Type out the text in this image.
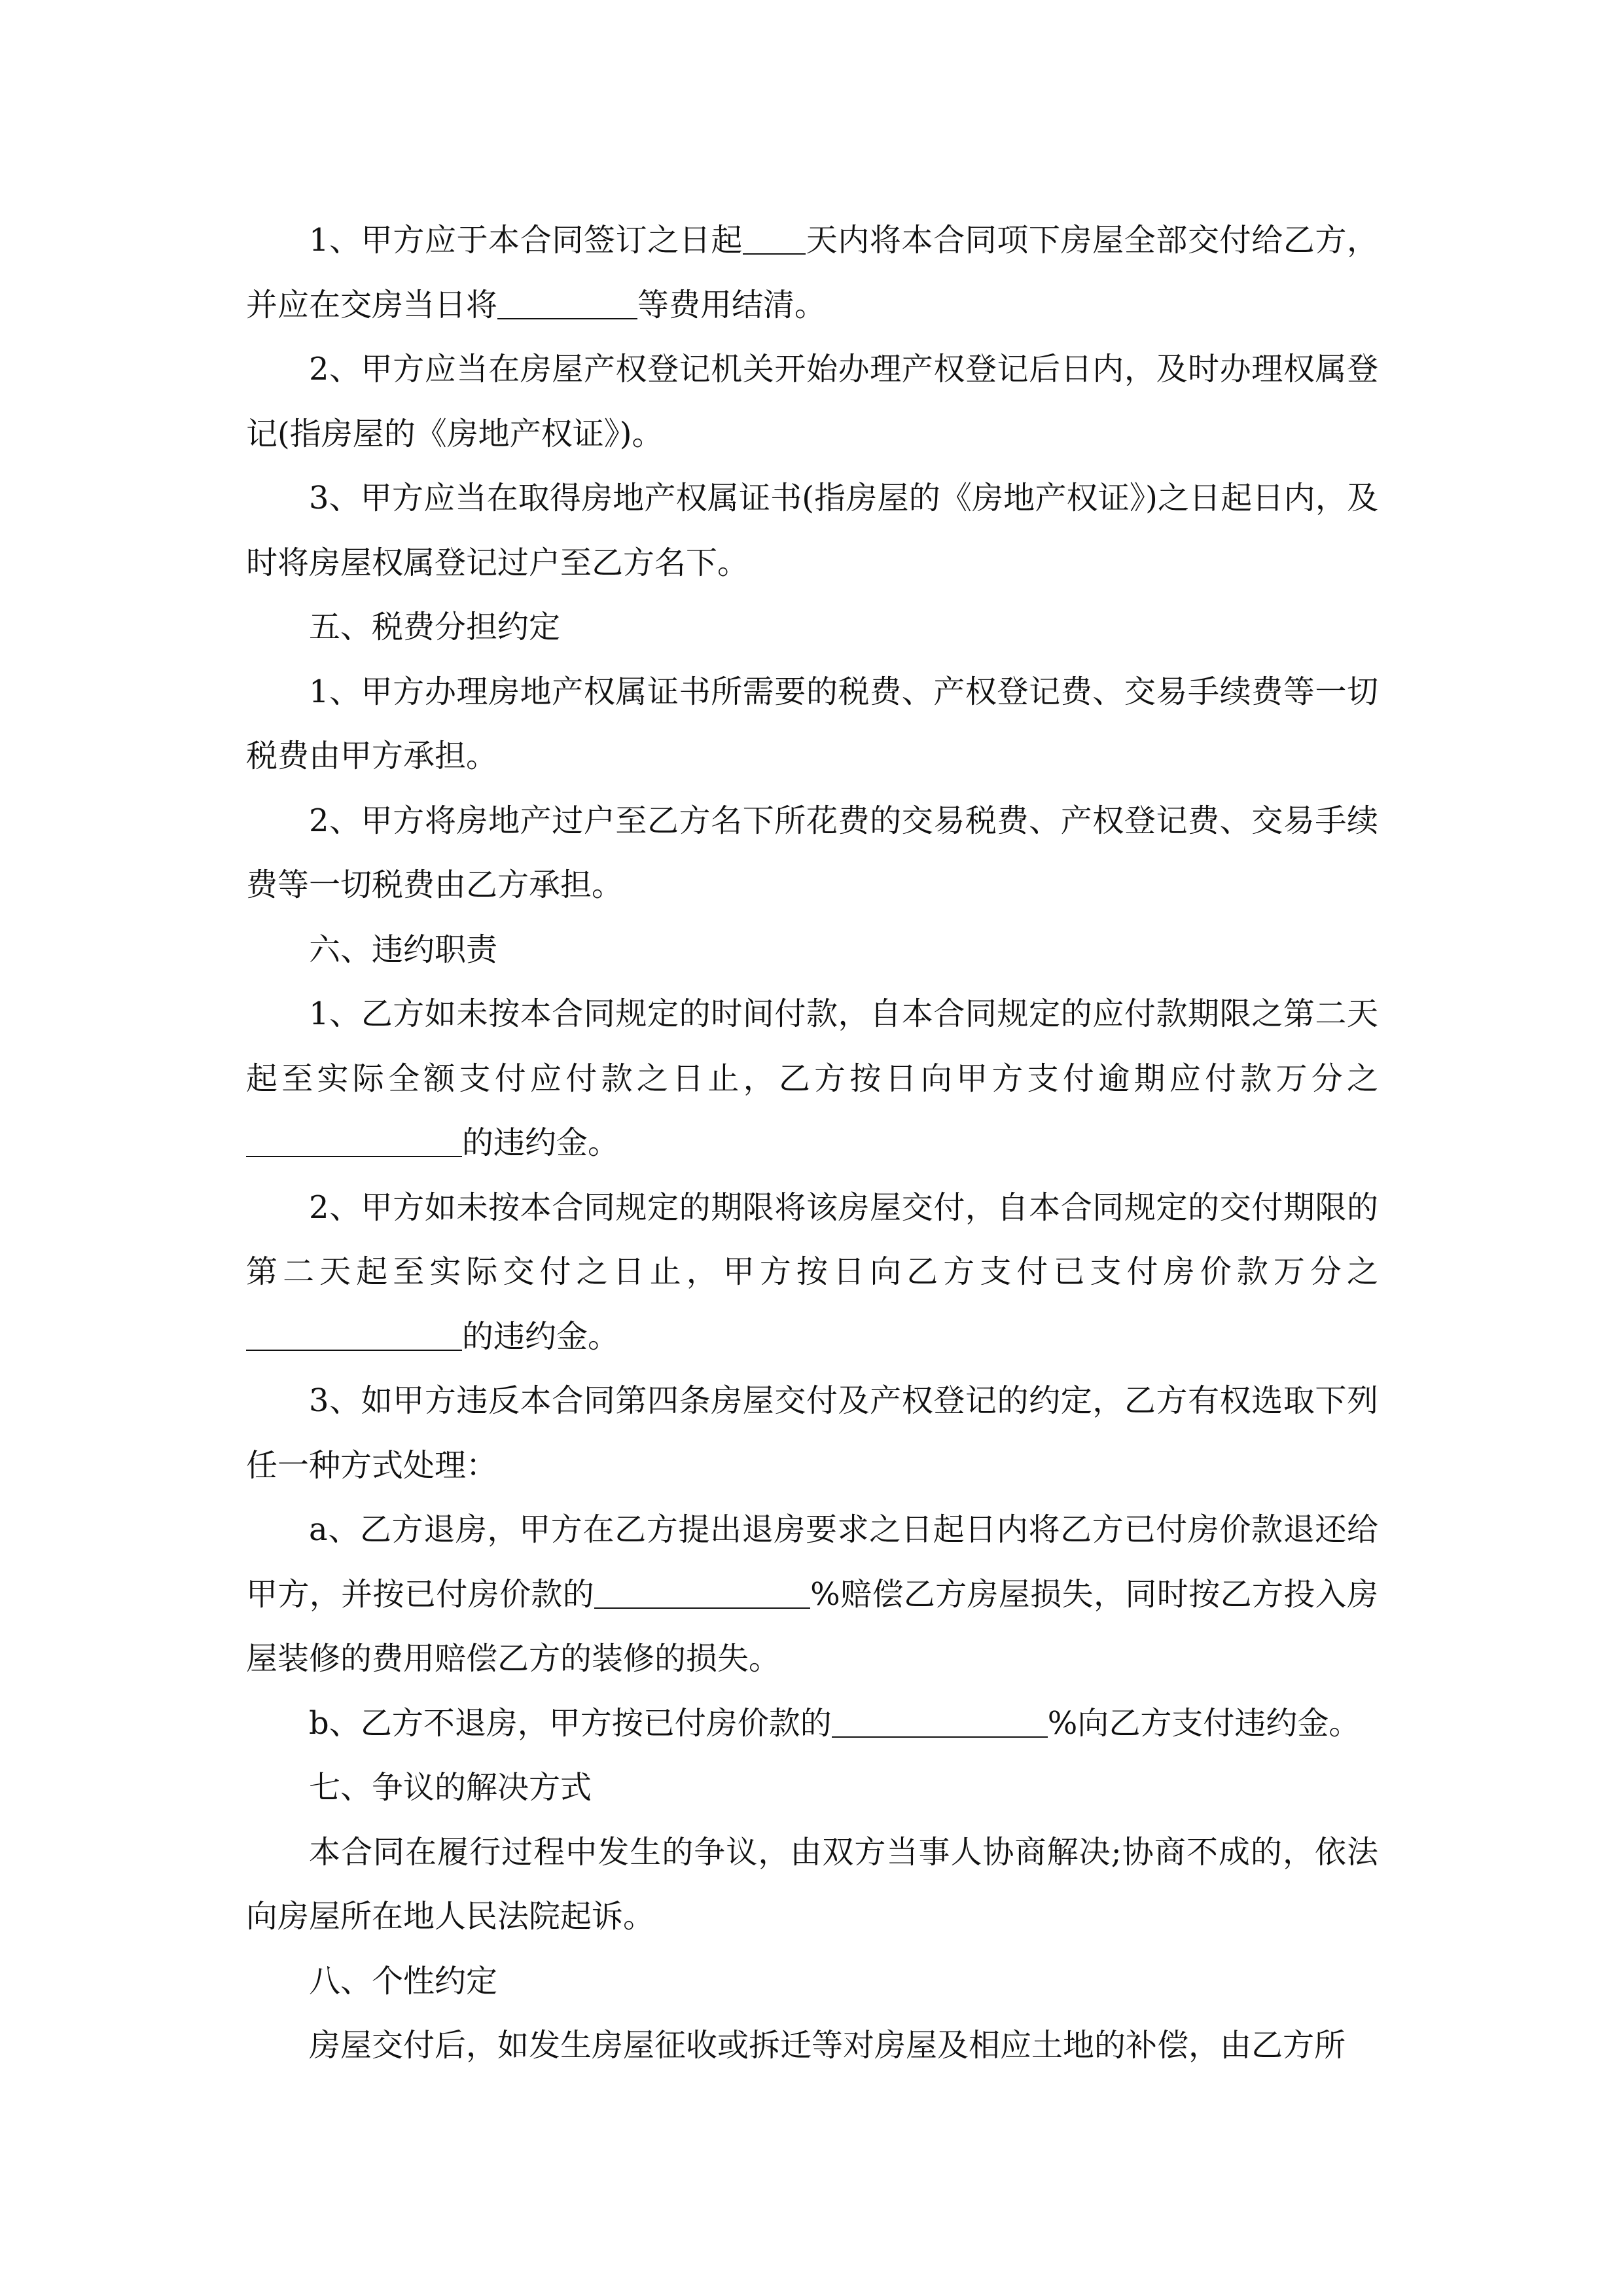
1、甲方应于本合同签订之日起 天内将本合同项下房屋全部交付给乙方，并应在交房当日将	等费用结清。

2、甲方应当在房屋产权登记机关开始办理产权登记后日内，及时办理权属登记(指房屋的《房地产权证》)。

3、甲方应当在取得房地产权属证书(指房屋的《房地产权证》)之日起日内，及时将房屋权属登记过户至乙方名下。

五、税费分担约定

1、甲方办理房地产权属证书所需要的税费、产权登记费、交易手续费等一切税费由甲方承担。

2、甲方将房地产过户至乙方名下所花费的交易税费、产权登记费、交易手续费等一切税费由乙方承担。

六、违约职责

1、乙方如未按本合同规定的时间付款，自本合同规定的应付款期限之第二天起至实际全额支付应付款之日止，乙方按日向甲方支付逾期应付款万分之的违约金。

2、甲方如未按本合同规定的期限将该房屋交付，自本合同规定的交付期限的第二天起至实际交付之日止，甲方按日向乙方支付已支付房价款万分之的违约金。

3、如甲方违反本合同第四条房屋交付及产权登记的约定，乙方有权选取下列任一种方式处理：

a、乙方退房，甲方在乙方提出退房要求之日起日内将乙方已付房价款退还给甲方，并按已付房价款的	%赔偿乙方房屋损失，同时按乙方投入房屋装修的费用赔偿乙方的装修的损失。

b、乙方不退房，甲方按已付房价款的	%向乙方支付违约金。

七、争议的解决方式

本合同在履行过程中发生的争议，由双方当事人协商解决;协商不成的，依法向房屋所在地人民法院起诉。

八、个性约定

房屋交付后，如发生房屋征收或拆迁等对房屋及相应土地的补偿，由乙方所
